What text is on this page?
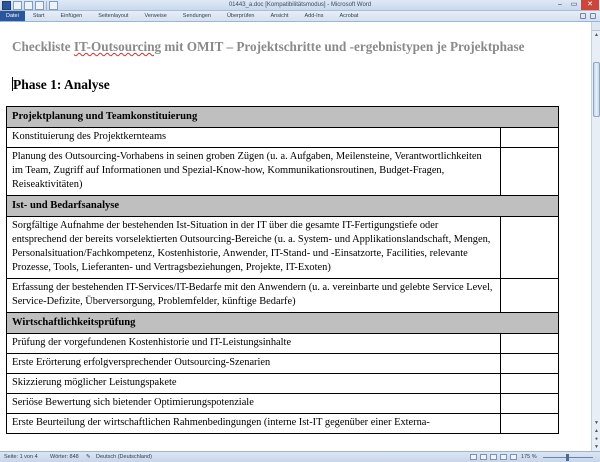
01443_a.doc [Kompatibilitätsmodus] - Microsoft Word	–	▭	✕
Datei	Start	Einfügen	Seitenlayout	Verweise	Sendungen	Überprüfen	Ansicht	Add-Ins	Acrobat
Checkliste IT-Outsourcing mit OMIT – Projektschritte und -ergebnistypen je Projektphase
Phase 1: Analyse
Projektplanung und Teamkonstituierung	
Konstituierung des Projektkernteams	
Planung des Outsourcing-Vorhabens in seinen groben Zügen (u. a. Aufgaben, Meilensteine, Verantwortlichkeiten im Team, Zugriff auf Informationen und Spezial-Know-how, Kommunikationsroutinen, Budget-Fragen, Reiseaktivitäten)	
Ist- und Bedarfsanalyse	
Sorgfältige Aufnahme der bestehenden Ist-Situation in der IT über die gesamte IT-Fertigungstiefe oder entsprechend der bereits vorselektierten Outsourcing-Bereiche (u. a. System- und Applikationslandschaft, Mengen, Personalsituation/Fachkompetenz, Kostenhistorie, Anwender, IT-Stand- und -Einsatzorte, Facilities, relevante Prozesse, Tools, Lieferanten- und Vertragsbeziehungen, Projekte, IT-Exoten)	
Erfassung der bestehenden IT-Services/IT-Bedarfe mit den Anwendern (u. a. vereinbarte und gelebte Service Level, Service-Defizite, Überversorgung, Problemfelder, künftige Bedarfe)	
Wirtschaftlichkeitsprüfung	
Prüfung der vorgefundenen Kostenhistorie und IT-Leistungsinhalte	
Erste Erörterung erfolgversprechender Outsourcing-Szenarien	
Skizzierung möglicher Leistungspakete	
Seriöse Bewertung sich bietender Optimierungspotenziale	
Erste Beurteilung der wirtschaftlichen Rahmenbedingungen (interne Ist-IT gegenüber einer Externa-	
▲
▼
▲
●
▼
Seite: 1 von 4 Wörter: 848 ✎ Deutsch (Deutschland)	175 %
